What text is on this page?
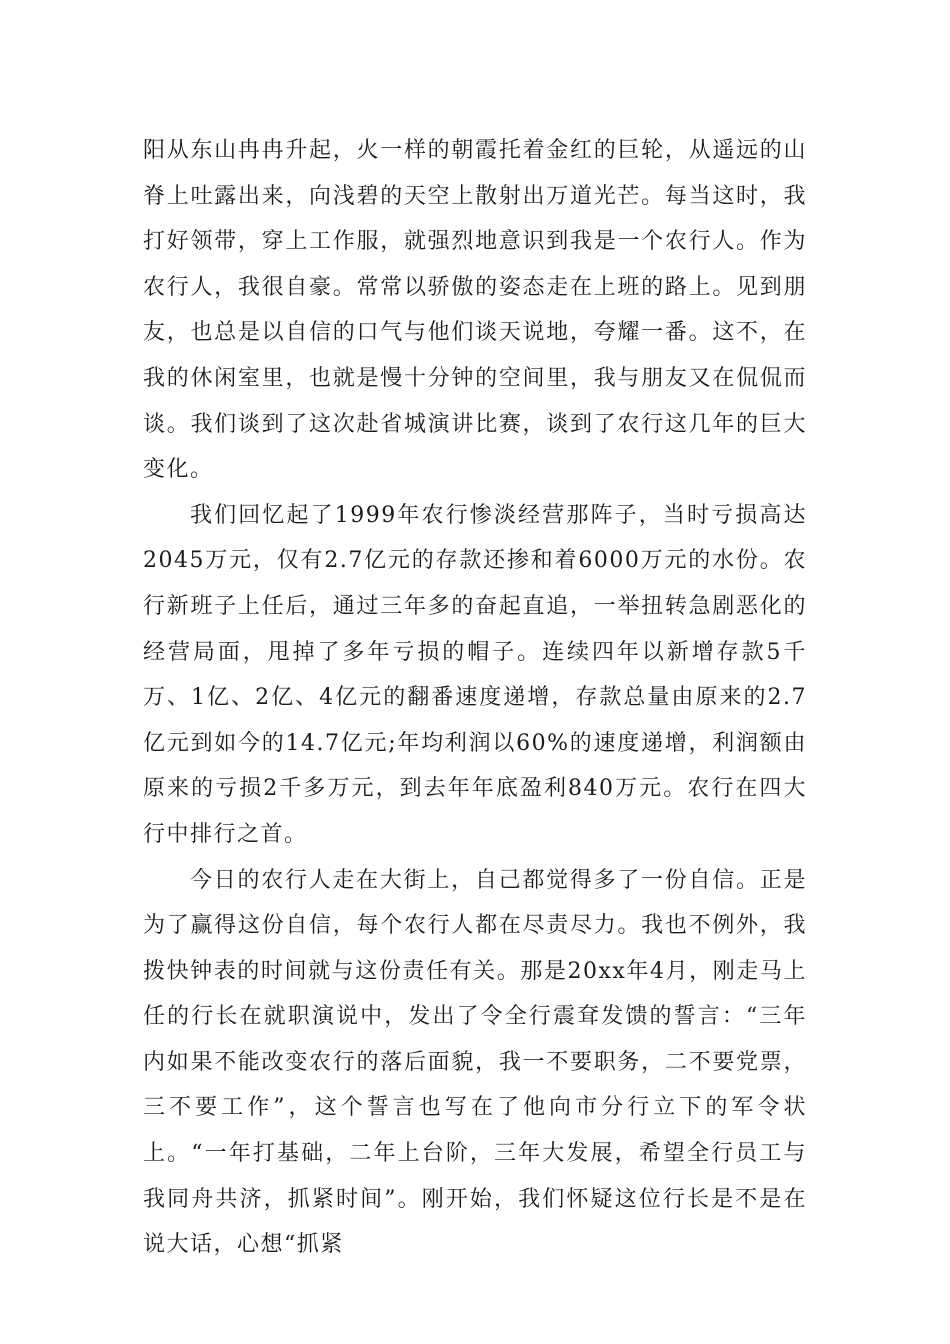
阳从东山冉冉升起，火一样的朝霞托着金红的巨轮，从遥远的山脊上吐露出来，向浅碧的天空上散射出万道光芒。每当这时，我打好领带，穿上工作服，就强烈地意识到我是一个农行人。作为农行人，我很自豪。常常以骄傲的姿态走在上班的路上。见到朋友，也总是以自信的口气与他们谈天说地，夸耀一番。这不，在我的休闲室里，也就是慢十分钟的空间里，我与朋友又在侃侃而谈。我们谈到了这次赴省城演讲比赛，谈到了农行这几年的巨大变化。

我们回忆起了1999年农行惨淡经营那阵子，当时亏损高达2045万元，仅有2.7亿元的存款还掺和着6000万元的水份。农行新班子上任后，通过三年多的奋起直追，一举扭转急剧恶化的经营局面，甩掉了多年亏损的帽子。连续四年以新增存款5千万、1亿、2亿、4亿元的翻番速度递增，存款总量由原来的2.7亿元到如今的14.7亿元;年均利润以60%的速度递增，利润额由原来的亏损2千多万元，到去年年底盈利840万元。农行在四大行中排行之首。

今日的农行人走在大街上，自己都觉得多了一份自信。正是为了赢得这份自信，每个农行人都在尽责尽力。我也不例外，我拨快钟表的时间就与这份责任有关。那是20xx年4月，刚走马上任的行长在就职演说中，发出了令全行震耷发馈的誓言：“三年内如果不能改变农行的落后面貌，我一不要职务，二不要党票，三不要工作”，这个誓言也写在了他向市分行立下的军令状上。“一年打基础，二年上台阶，三年大发展，希望全行员工与我同舟共济，抓紧时间”。刚开始，我们怀疑这位行长是不是在说大话，心想“抓紧
